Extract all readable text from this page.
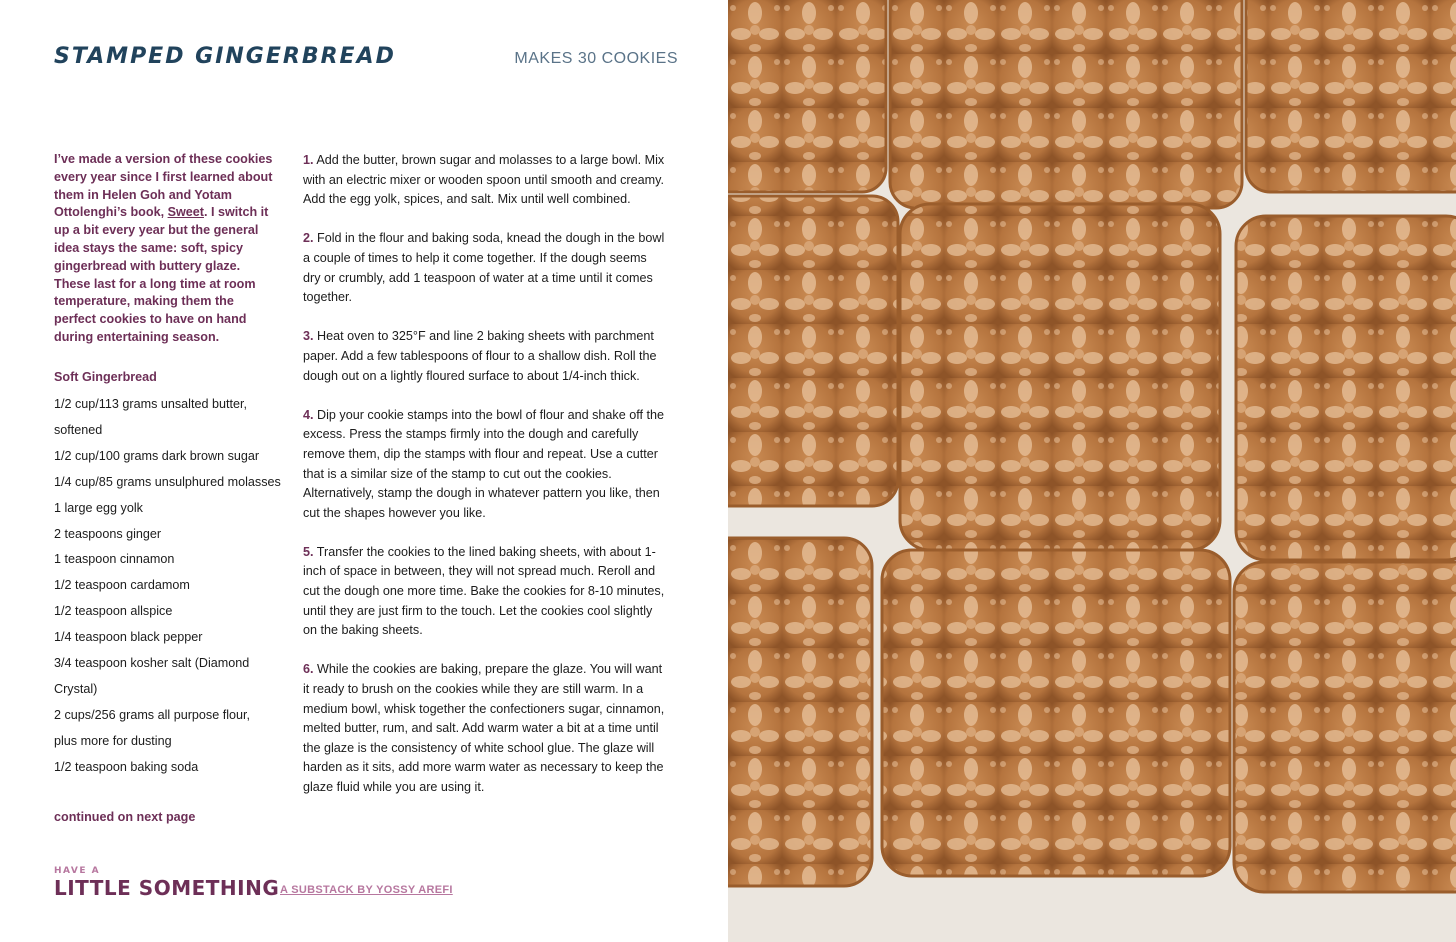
STAMPED GINGERBREAD	MAKES 30 COOKIES
I’ve made a version of these cookies every year since I first learned about them in Helen Goh and Yotam Ottolenghi’s book, Sweet. I switch it up a bit every year but the general idea stays the same: soft, spicy gingerbread with buttery glaze. These last for a long time at room temperature, making them the perfect cookies to have on hand during entertaining season.
Soft Gingerbread
1/2 cup/113 grams unsalted butter,
softened
1/2 cup/100 grams dark brown sugar
1/4 cup/85 grams unsulphured molasses
1 large egg yolk
2 teaspoons ginger
1 teaspoon cinnamon
1/2 teaspoon cardamom
1/2 teaspoon allspice
1/4 teaspoon black pepper
3/4 teaspoon kosher salt (Diamond
Crystal)
2 cups/256 grams all purpose flour,
plus more for dusting
1/2 teaspoon baking soda
continued on next page

1. Add the butter, brown sugar and molasses to a large bowl. Mix with an electric mixer or wooden spoon until smooth and creamy. Add the egg yolk, spices, and salt. Mix until well combined.

2. Fold in the flour and baking soda, knead the dough in the bowl a couple of times to help it come together. If the dough seems dry or crumbly, add 1 teaspoon of water at a time until it comes together.

3. Heat oven to 325°F and line 2 baking sheets with parchment paper. Add a few tablespoons of flour to a shallow dish. Roll the dough out on a lightly floured surface to about 1/4-inch thick.

4. Dip your cookie stamps into the bowl of flour and shake off the excess. Press the stamps firmly into the dough and carefully remove them, dip the stamps with flour and repeat. Use a cutter that is a similar size of the stamp to cut out the cookies. Alternatively, stamp the dough in whatever pattern you like, then cut the shapes however you like.

5. Transfer the cookies to the lined baking sheets, with about 1-inch of space in between, they will not spread much. Reroll and cut the dough one more time. Bake the cookies for 8-10 minutes, until they are just firm to the touch. Let the cookies cool slightly on the baking sheets.

6. While the cookies are baking, prepare the glaze. You will want it ready to brush on the cookies while they are still warm. In a medium bowl, whisk together the confectioners sugar, cinnamon, melted butter, rum, and salt. Add warm water a bit at a time until the glaze is the consistency of white school glue. The glaze will harden as it sits, add more warm water as necessary to keep the glaze fluid while you are using it.

HAVE A
LITTLE SOMETHING A SUBSTACK BY YOSSY AREFI
